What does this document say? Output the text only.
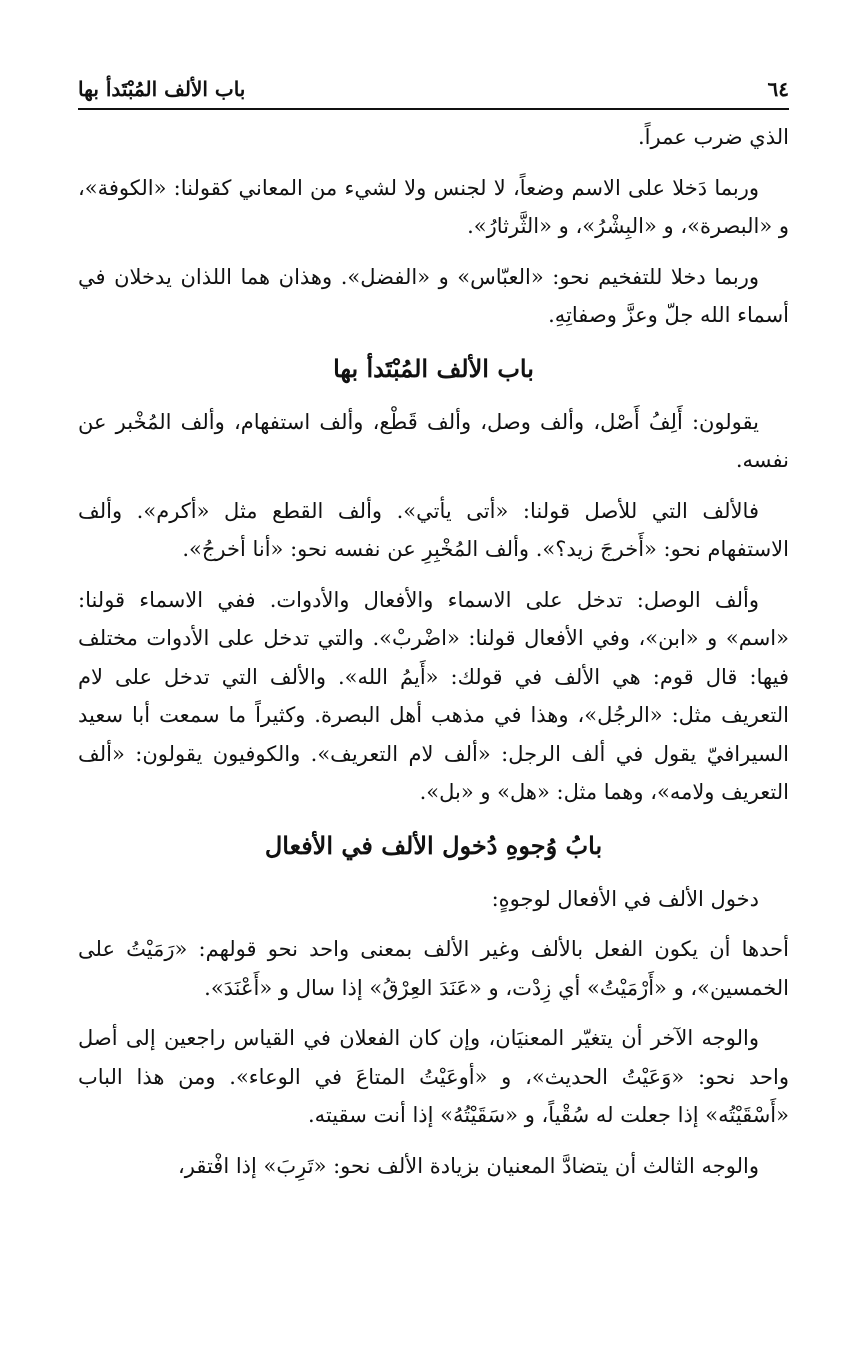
٦٤
باب الألف المُبْتَدأ بها

الذي ضرب عمراً.

وربما دَخلا على الاسم وضعاً، لا لجنس ولا لشيء من المعاني كقولنا: «الكوفة»، و «البصرة»، و «البِشْرُ»، و «الثَّرثارُ».

وربما دخلا للتفخيم نحو: «العبّاس» و «الفضل». وهذان هما اللذان يدخلان في أسماء الله جلّ وعزَّ وصفاتِهِ.

باب الألف المُبْتَدأ بها

يقولون: أَلِفُ أَصْل، وألف وصل، وألف قَطْع، وألف استفهام، وألف المُخْبر عن نفسه.

فالألف التي للأصل قولنا: «أتى يأتي». وألف القطع مثل «أكرم». وألف الاستفهام نحو: «أَخرجَ زيد؟». وألف المُخْبِرِ عن نفسه نحو: «أنا أخرجُ».

وألف الوصل: تدخل على الاسماء والأفعال والأدوات. ففي الاسماء قولنا: «اسم» و «ابن»، وفي الأفعال قولنا: «اضْربْ». والتي تدخل على الأدوات مختلف فيها: قال قوم: هي الألف في قولك: «أَيمُ الله». والألف التي تدخل على لام التعريف مثل: «الرجُل»، وهذا في مذهب أهل البصرة. وكثيراً ما سمعت أبا سعيد السيرافيّ يقول في ألف الرجل: «ألف لام التعريف». والكوفيون يقولون: «ألف التعريف ولامه»، وهما مثل: «هل» و «بل».

بابُ وُجوهِ دُخول الألف في الأفعال

دخول الألف في الأفعال لوجوهٍ:

أحدها أن يكون الفعل بالألف وغير الألف بمعنى واحد نحو قولهم: «رَمَيْتُ على الخمسين»، و «أَرْمَيْتُ» أي زِدْت، و «عَنَدَ العِرْقُ» إذا سال و «أَعْنَدَ».

والوجه الآخر أن يتغيّر المعنيَان، وإن كان الفعلان في القياس راجعين إلى أصل واحد نحو: «وَعَيْتُ الحديث»، و «أوعَيْتُ المتاعَ في الوعاء». ومن هذا الباب «أَسْقَيْتُه» إذا جعلت له سُقْياً، و «سَقَيْتُهُ» إذا أنت سقيته.

والوجه الثالث أن يتضادَّ المعنيان بزيادة الألف نحو: «تَرِبَ» إذا افْتقر،
